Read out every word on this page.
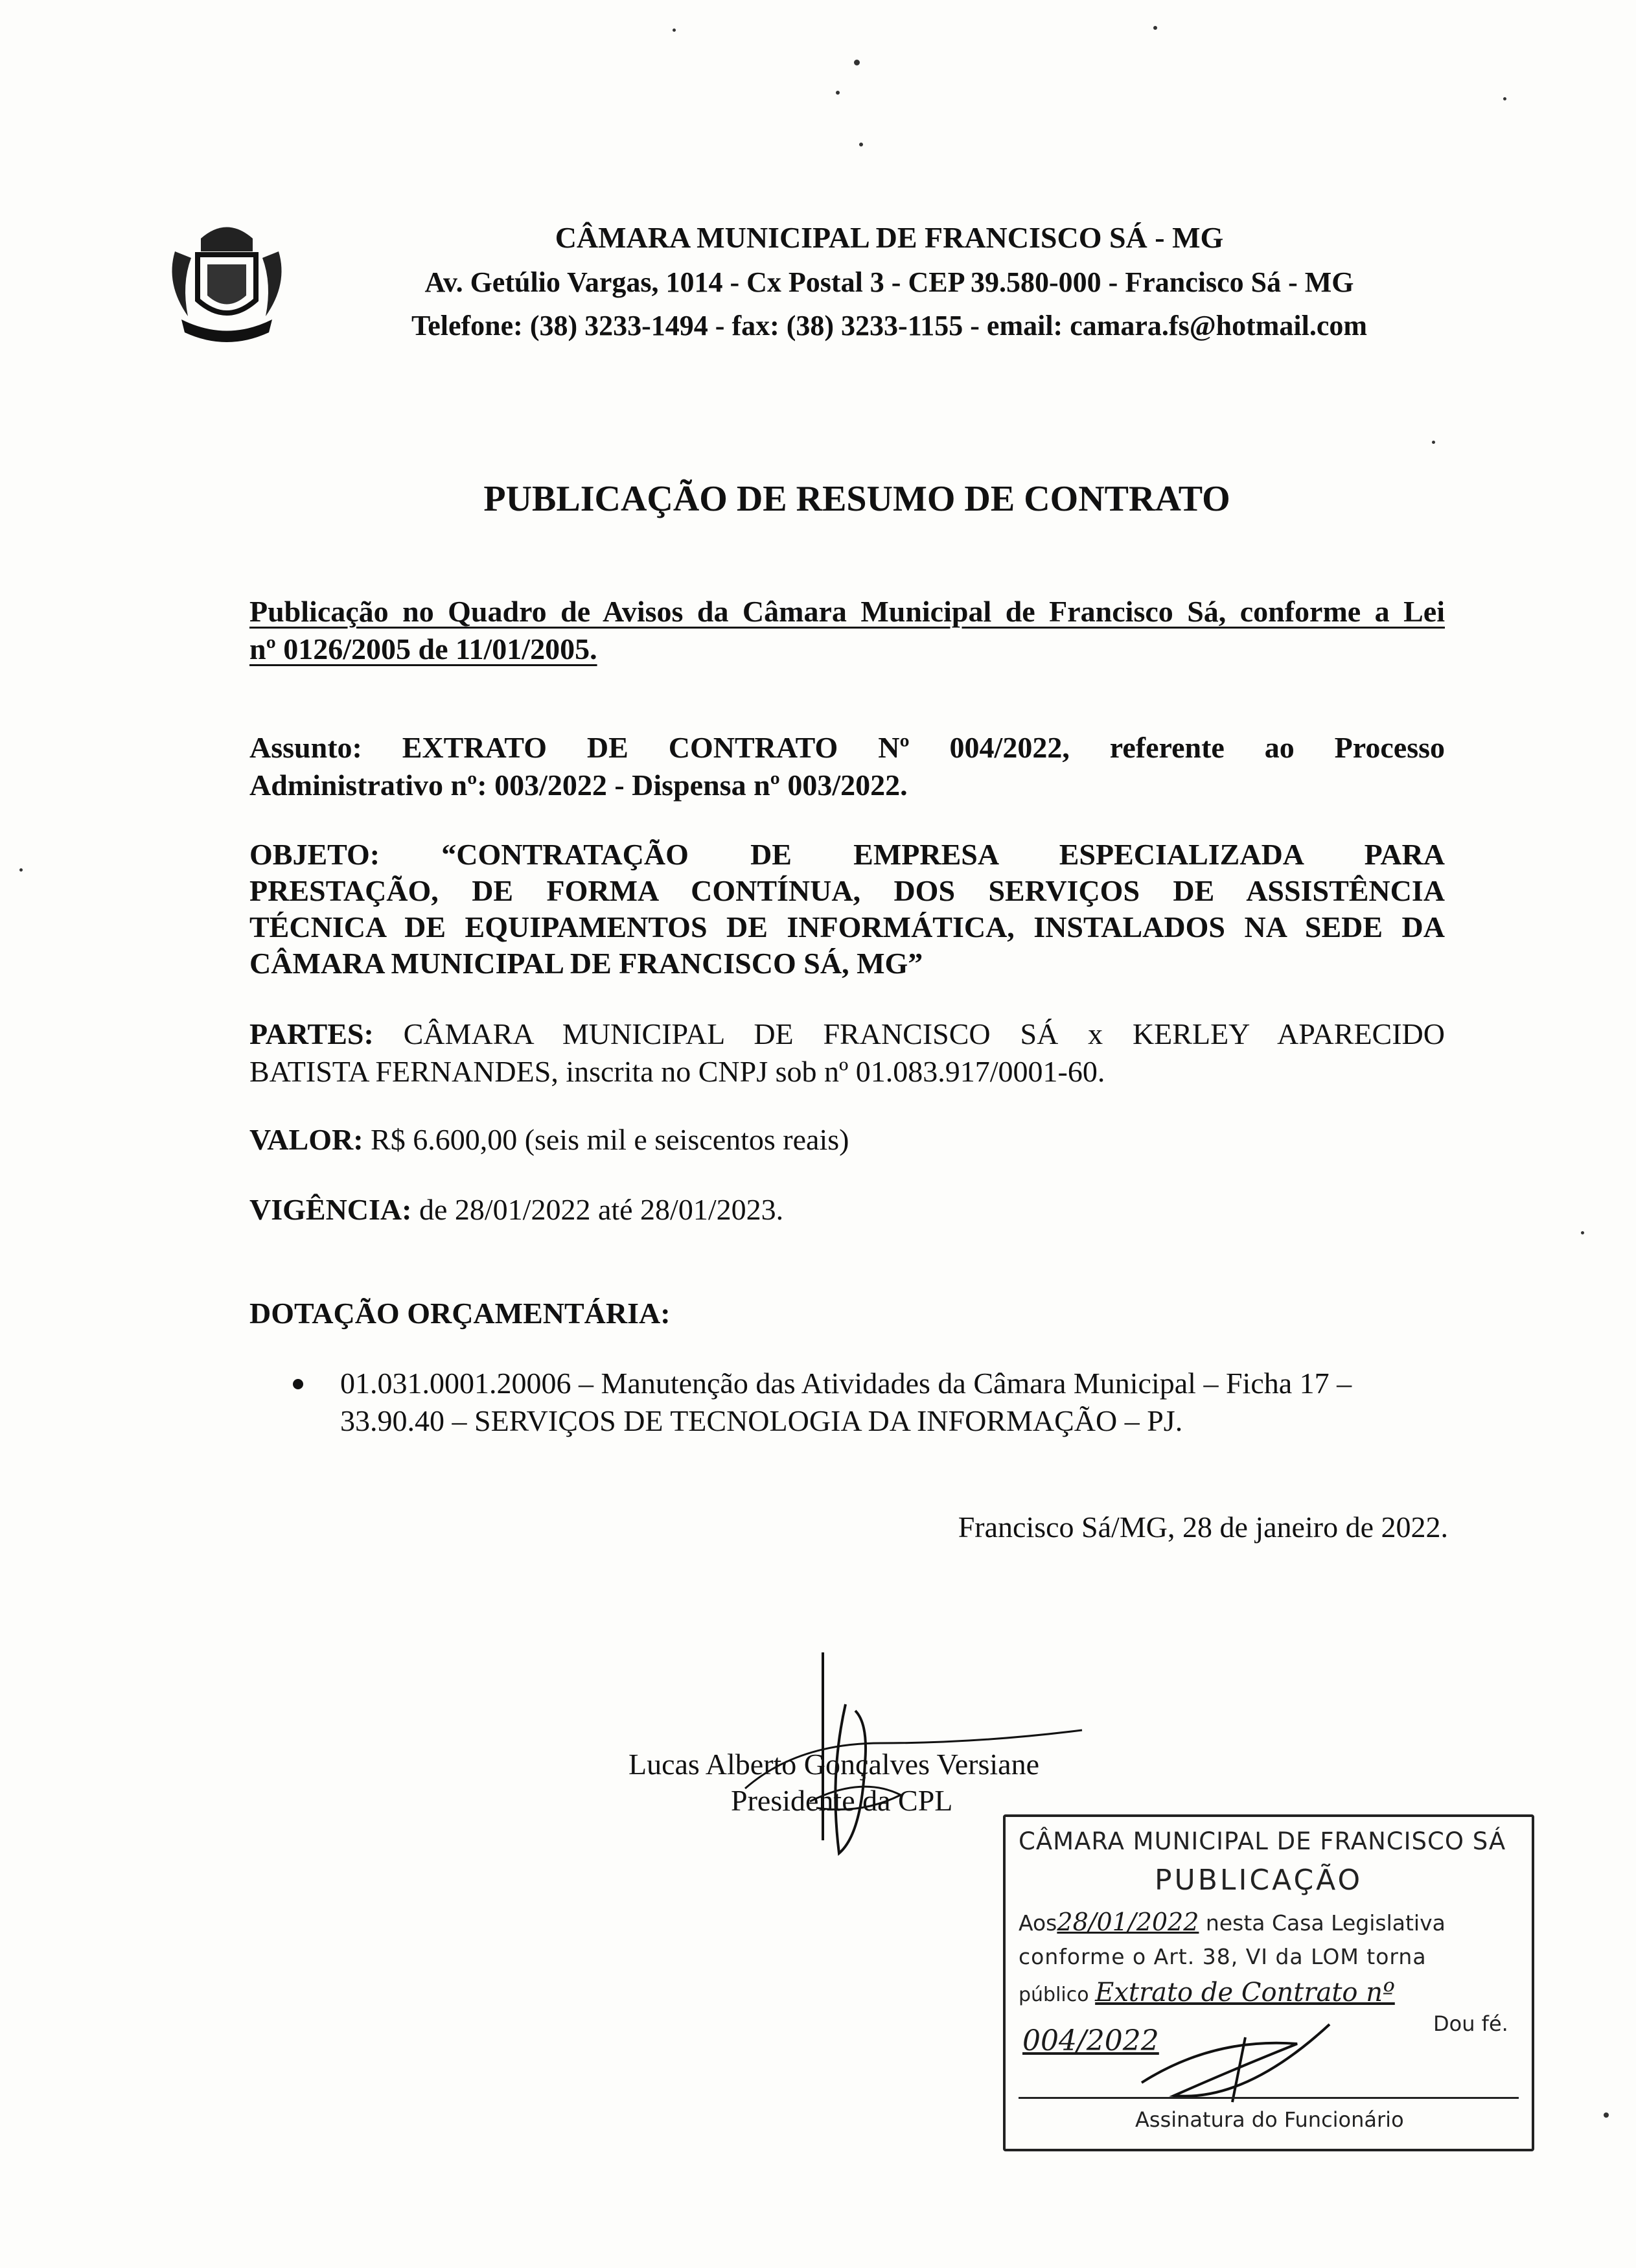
CÂMARA MUNICIPAL DE FRANCISCO SÁ - MG
Av. Getúlio Vargas, 1014 - Cx Postal 3 - CEP 39.580-000 - Francisco Sá - MG
Telefone: (38) 3233-1494 - fax: (38) 3233-1155 - email: camara.fs@hotmail.com
PUBLICAÇÃO DE RESUMO DE CONTRATO
Publicação no Quadro de Avisos da Câmara Municipal de Francisco Sá, conforme a Lei
nº 0126/2005 de 11/01/2005.
Assunto: EXTRATO DE CONTRATO Nº 004/2022, referente ao Processo
Administrativo nº: 003/2022 - Dispensa nº 003/2022.
OBJETO: “CONTRATAÇÃO DE EMPRESA ESPECIALIZADA PARA
PRESTAÇÃO, DE FORMA CONTÍNUA, DOS SERVIÇOS DE ASSISTÊNCIA
TÉCNICA DE EQUIPAMENTOS DE INFORMÁTICA, INSTALADOS NA SEDE DA
CÂMARA MUNICIPAL DE FRANCISCO SÁ, MG”
PARTES: CÂMARA MUNICIPAL DE FRANCISCO SÁ x KERLEY APARECIDO
BATISTA FERNANDES, inscrita no CNPJ sob nº 01.083.917/0001-60.
VALOR: R$ 6.600,00 (seis mil e seiscentos reais)
VIGÊNCIA: de 28/01/2022 até 28/01/2023.
DOTAÇÃO ORÇAMENTÁRIA:
01.031.0001.20006 – Manutenção das Atividades da Câmara Municipal – Ficha 17 –
33.90.40 – SERVIÇOS DE TECNOLOGIA DA INFORMAÇÃO – PJ.
Francisco Sá/MG, 28 de janeiro de 2022.
Lucas Alberto Gonçalves Versiane
Presidente da CPL
CÂMARA MUNICIPAL DE FRANCISCO SÁ
PUBLICAÇÃO
Aos28/01/2022 nesta Casa Legislativa
conforme o Art. 38, VI da LOM torna
público Extrato de Contrato nº
004/2022
Dou fé.
Assinatura do Funcionário
